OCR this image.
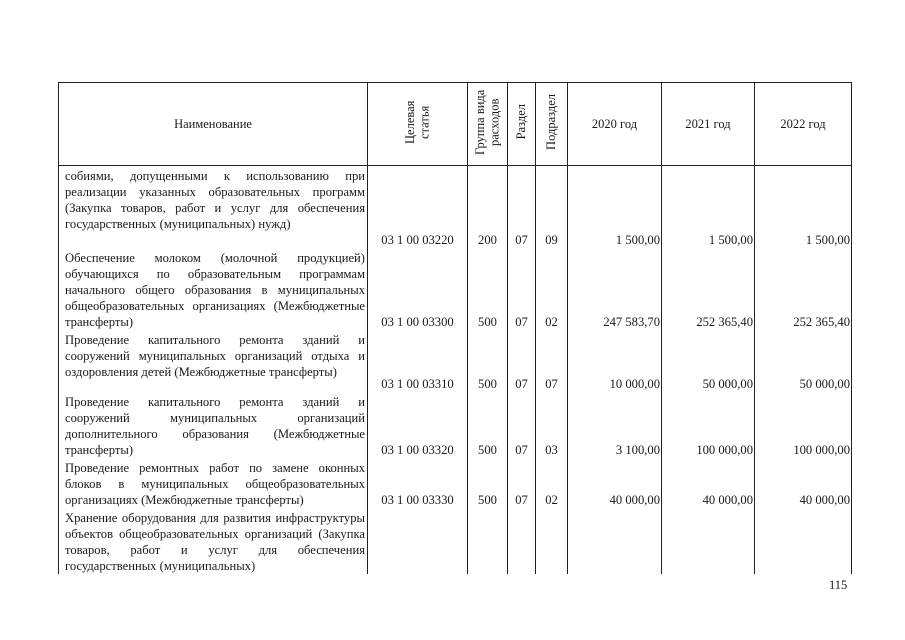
Наименование	Целевая статья	Группа вида расходов	Раздел	Подраздел	2020 год	2021 год	2022 год
собиями, допущенными к использованию при реализации указанных образовательных программ (Закупка товаров, работ и услуг для обеспечения государственных (муниципальных) нужд)	03 1 00 03220	200	07	09	1 500,00	1 500,00	1 500,00
Обеспечение молоком (молочной продукцией) обучающихся по образовательным программам начального общего образования в муниципальных общеобразовательных организациях (Межбюджетные трансферты)	03 1 00 03300	500	07	02	247 583,70	252 365,40	252 365,40
Проведение капитального ремонта зданий и сооружений муниципальных организаций отдыха и оздоровления детей (Межбюджетные трансферты)	03 1 00 03310	500	07	07	10 000,00	50 000,00	50 000,00
Проведение капитального ремонта зданий и сооружений муниципальных организаций дополнительного образования (Межбюджетные трансферты)	03 1 00 03320	500	07	03	3 100,00	100 000,00	100 000,00
Проведение ремонтных работ по замене оконных блоков в муниципальных общеобразовательных организациях (Межбюджетные трансферты)	03 1 00 03330	500	07	02	40 000,00	40 000,00	40 000,00
Хранение оборудования для развития инфраструктуры объектов общеобразовательных организаций (Закупка товаров, работ и услуг для обеспечения государственных (муниципальных)							
115
